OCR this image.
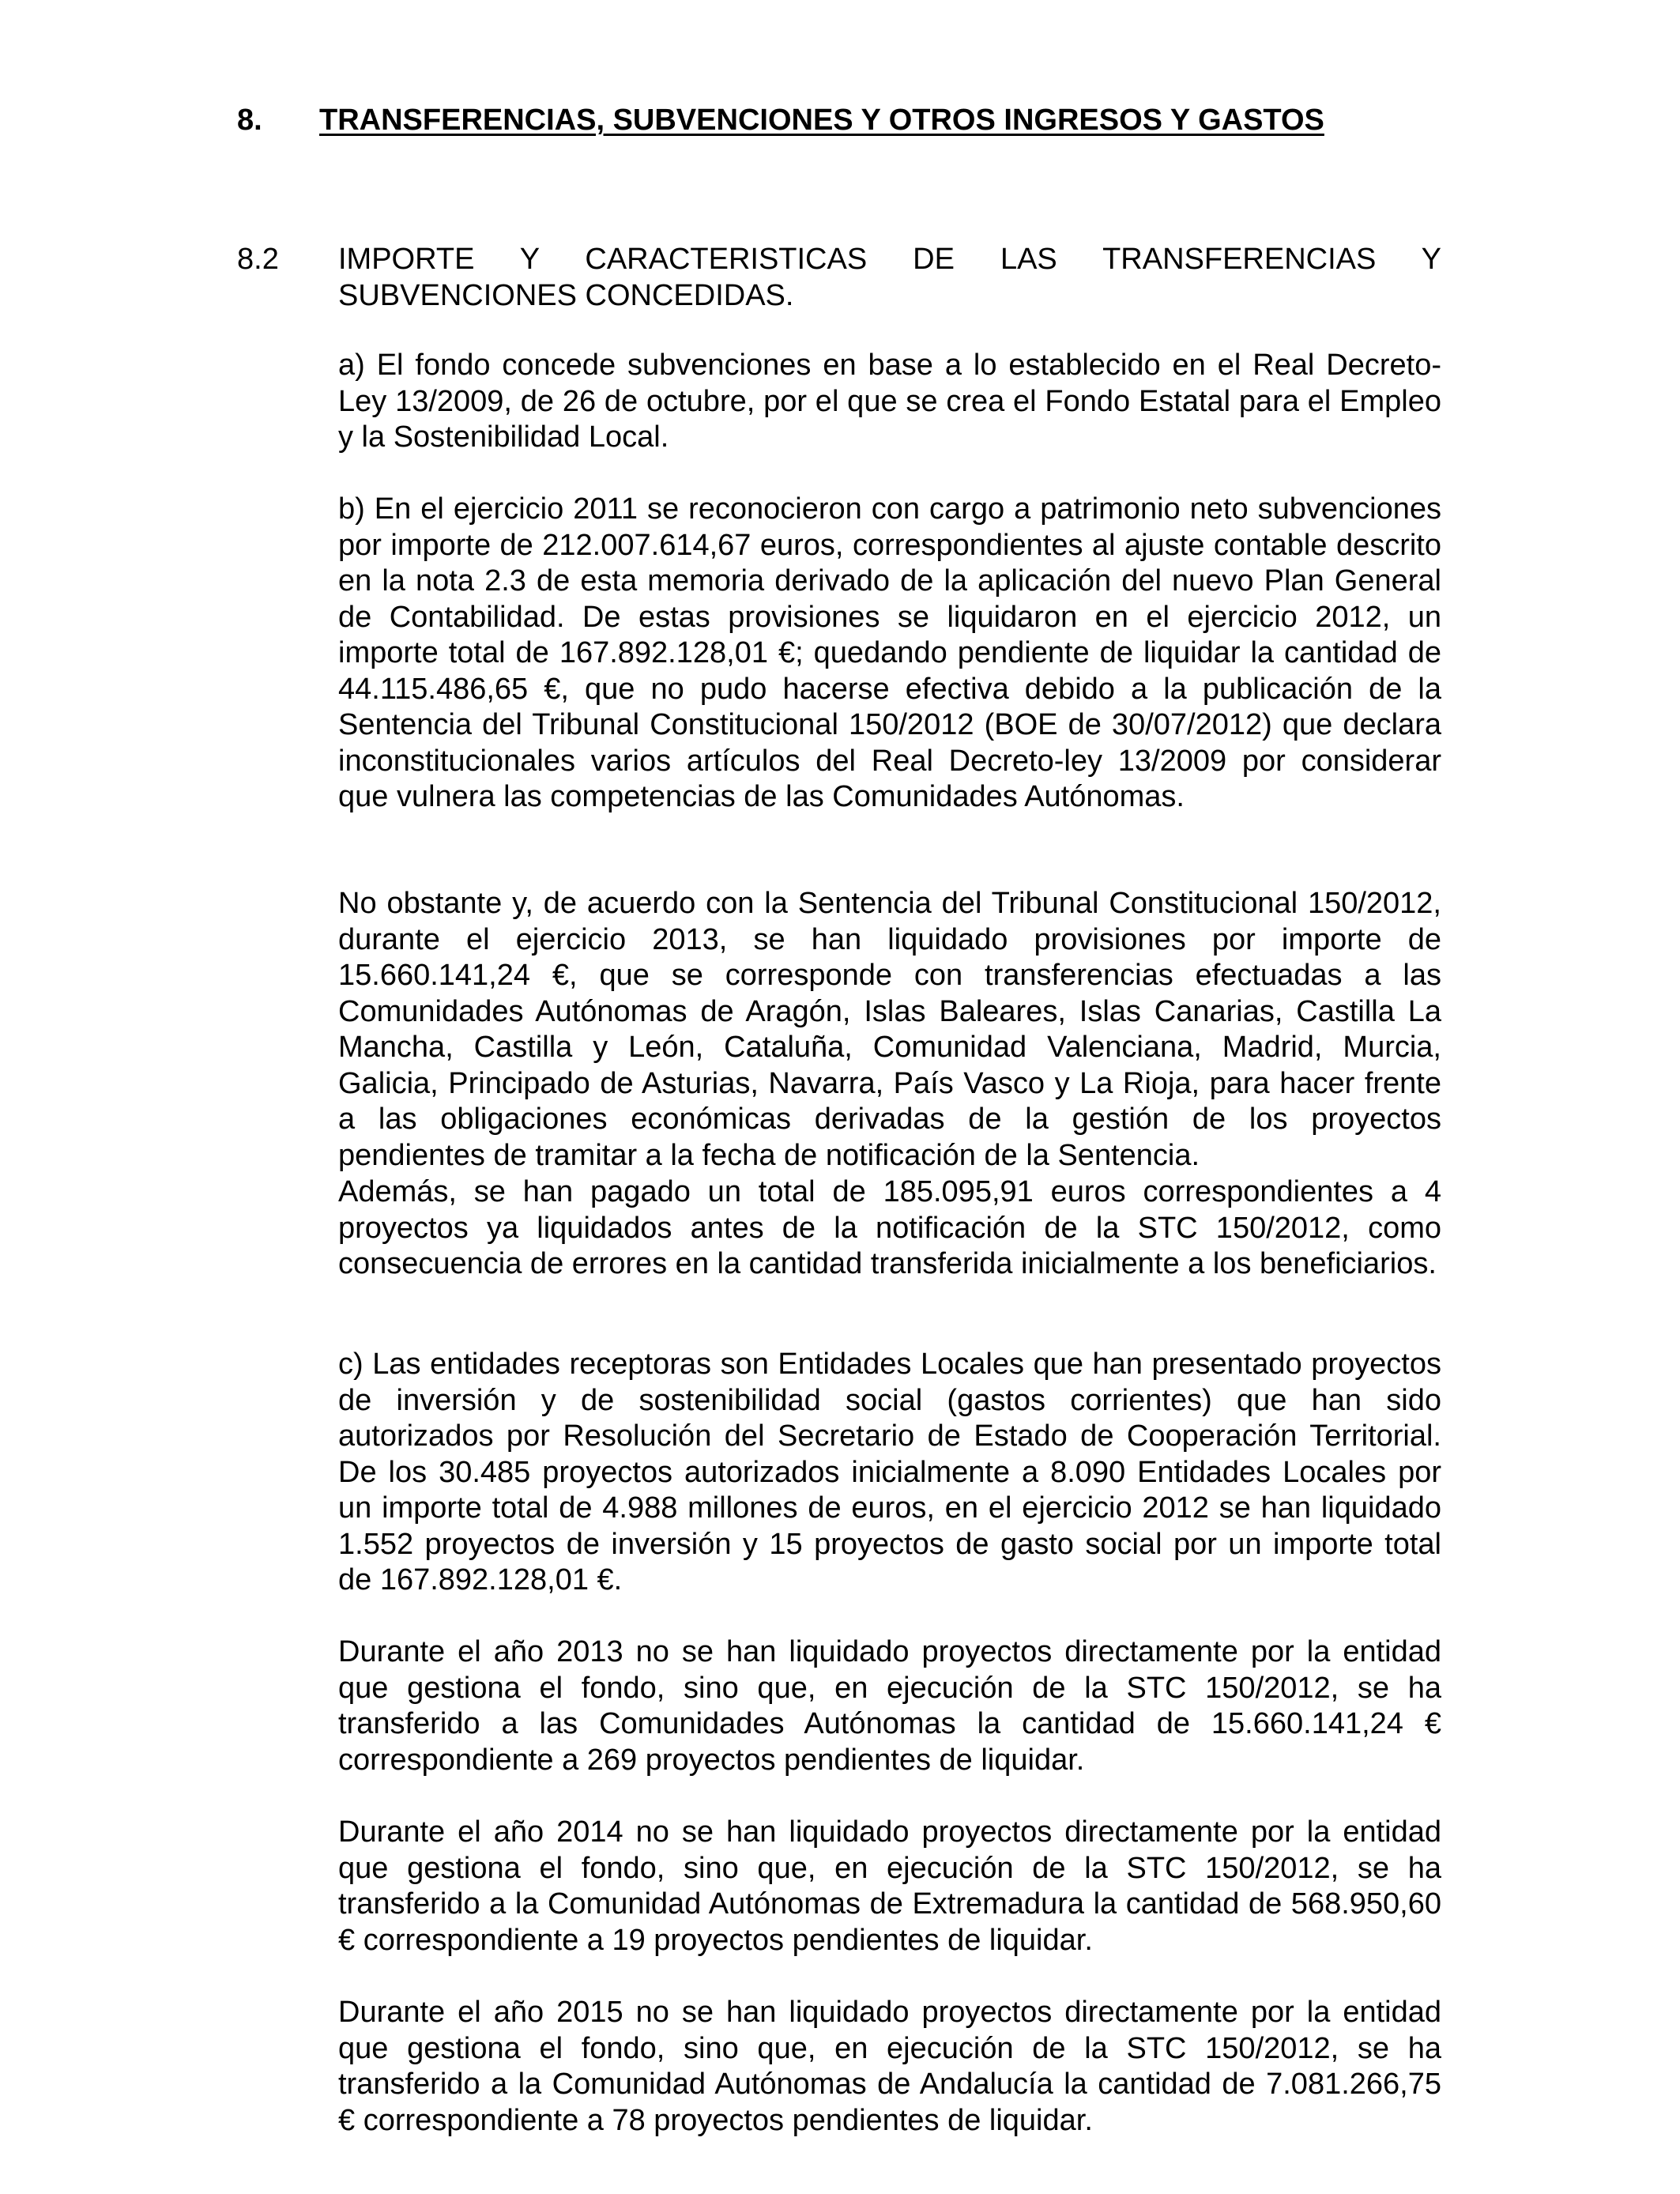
8. TRANSFERENCIAS, SUBVENCIONES Y OTROS INGRESOS Y GASTOS
8.2 IMPORTE Y CARACTERISTICAS DE LAS TRANSFERENCIAS Y SUBVENCIONES CONCEDIDAS.

a) El fondo concede subvenciones en base a lo establecido en el Real Decreto-Ley 13/2009, de 26 de octubre, por el que se crea el Fondo Estatal para el Empleo y la Sostenibilidad Local.

b) En el ejercicio 2011 se reconocieron con cargo a patrimonio neto subvenciones por importe de 212.007.614,67 euros, correspondientes al ajuste contable descrito en la nota 2.3 de esta memoria derivado de la aplicación del nuevo Plan General de Contabilidad. De estas provisiones se liquidaron en el ejercicio 2012, un importe total de 167.892.128,01 €; quedando pendiente de liquidar la cantidad de 44.115.486,65 €, que no pudo hacerse efectiva debido a la publicación de la Sentencia del Tribunal Constitucional 150/2012 (BOE de 30/07/2012) que declara inconstitucionales varios artículos del Real Decreto-ley 13/2009 por considerar que vulnera las competencias de las Comunidades Autónomas.

No obstante y, de acuerdo con la Sentencia del Tribunal Constitucional 150/2012, durante el ejercicio 2013, se han liquidado provisiones por importe de 15.660.141,24 €, que se corresponde con transferencias efectuadas a las Comunidades Autónomas de Aragón, Islas Baleares, Islas Canarias, Castilla La Mancha, Castilla y León, Cataluña, Comunidad Valenciana, Madrid, Murcia, Galicia, Principado de Asturias, Navarra, País Vasco y La Rioja, para hacer frente a las obligaciones económicas derivadas de la gestión de los proyectos pendientes de tramitar a la fecha de notificación de la Sentencia.

Además, se han pagado un total de 185.095,91 euros correspondientes a 4 proyectos ya liquidados antes de la notificación de la STC 150/2012, como consecuencia de errores en la cantidad transferida inicialmente a los beneficiarios.

c) Las entidades receptoras son Entidades Locales que han presentado proyectos de inversión y de sostenibilidad social (gastos corrientes) que han sido autorizados por Resolución del Secretario de Estado de Cooperación Territorial. De los 30.485 proyectos autorizados inicialmente a 8.090 Entidades Locales por un importe total de 4.988 millones de euros, en el ejercicio 2012 se han liquidado 1.552 proyectos de inversión y 15 proyectos de gasto social por un importe total de 167.892.128,01 €.

Durante el año 2013 no se han liquidado proyectos directamente por la entidad que gestiona el fondo, sino que, en ejecución de la STC 150/2012, se ha transferido a las Comunidades Autónomas la cantidad de 15.660.141,24 € correspondiente a 269 proyectos pendientes de liquidar.

Durante el año 2014 no se han liquidado proyectos directamente por la entidad que gestiona el fondo, sino que, en ejecución de la STC 150/2012, se ha transferido a la Comunidad Autónomas de Extremadura la cantidad de 568.950,60 € correspondiente a 19 proyectos pendientes de liquidar.

Durante el año 2015 no se han liquidado proyectos directamente por la entidad que gestiona el fondo, sino que, en ejecución de la STC 150/2012, se ha transferido a la Comunidad Autónomas de Andalucía la cantidad de 7.081.266,75 € correspondiente a 78 proyectos pendientes de liquidar.
